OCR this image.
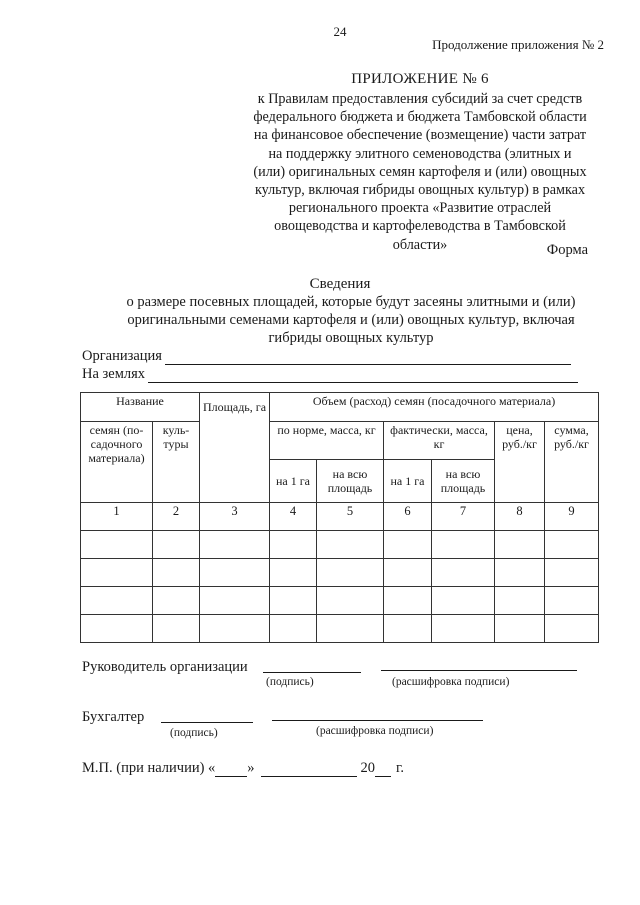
24
Продолжение приложения № 2
ПРИЛОЖЕНИЕ № 6
к Правилам предоставления субсидий за счет средств
федерального бюджета и бюджета Тамбовской области
на финансовое обеспечение (возмещение) части затрат
на поддержку элитного семеноводства (элитных и
(или) оригинальных семян картофеля и (или) овощных
культур, включая гибриды овощных культур) в рамках
регионального проекта «Развитие отраслей
овощеводства и картофелеводства в Тамбовской
области»	Форма
Сведения
о размере посевных площадей, которые будут засеяны элитными и (или)
оригинальными семенами картофеля и (или) овощных культур, включая
гибриды овощных культур
Организация
На землях
Название		Площадь, га	Объем (расход) семян (посадочного материала)					
семян (по-садочного материала)	куль-туры		по норме, масса, кг		фактически, масса, кг		цена, руб./кг	сумма, руб./кг
			на 1 га	на всю площадь	на 1 га	на всю площадь		
1	2	3	4	5	6	7	8	9

Руководитель организации
(подпись)	(расшифровка подписи)
Бухгалтер
(подпись)	(расшифровка подписи)
М.П. (при наличии) « »	20 г.
